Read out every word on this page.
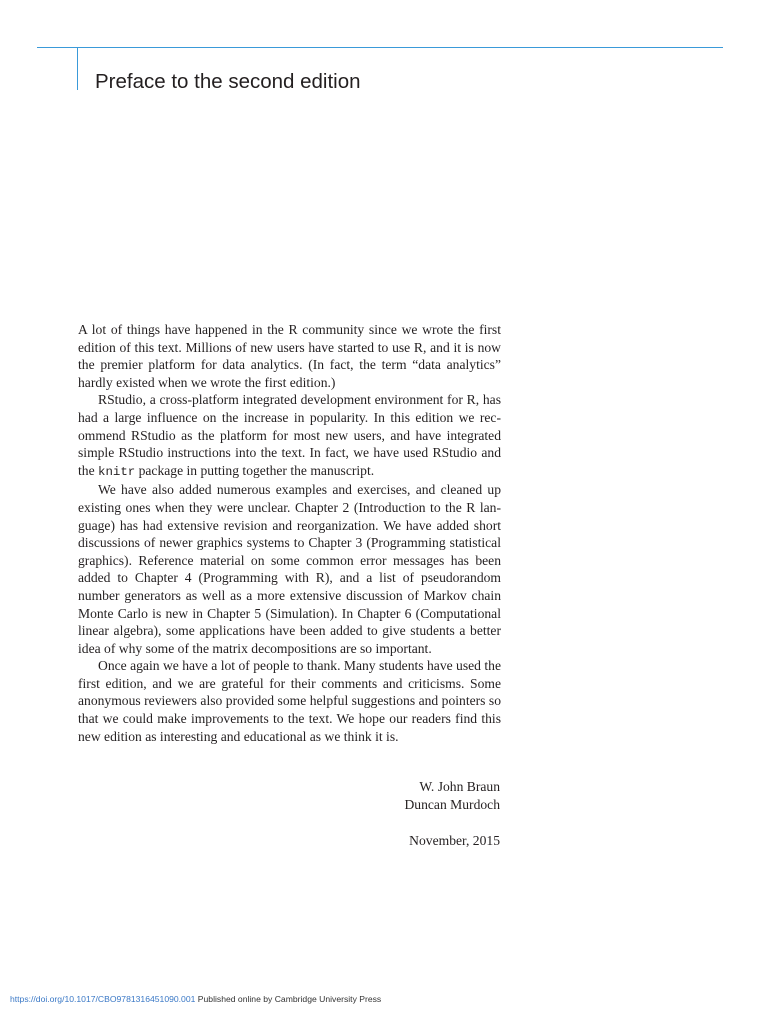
Preface to the second edition

A lot of things have happened in the R community since we wrote the first edition of this text. Millions of new users have started to use R, and it is now the premier platform for data analytics. (In fact, the term “data analytics” hardly existed when we wrote the first edition.)

RStudio, a cross-platform integrated development environment for R, has had a large influence on the increase in popularity. In this edition we recommend RStudio as the platform for most new users, and have integrated simple RStudio instructions into the text. In fact, we have used RStudio and the knitr package in putting together the manuscript.

We have also added numerous examples and exercises, and cleaned up existing ones when they were unclear. Chapter 2 (Introduction to the R language) has had extensive revision and reorganization. We have added short discussions of newer graphics systems to Chapter 3 (Programming statistical graphics). Reference material on some common error messages has been added to Chapter 4 (Programming with R), and a list of pseudorandom number generators as well as a more extensive discussion of Markov chain Monte Carlo is new in Chapter 5 (Simulation). In Chapter 6 (Computational linear algebra), some applications have been added to give students a better idea of why some of the matrix decompositions are so important.

Once again we have a lot of people to thank. Many students have used the first edition, and we are grateful for their comments and criticisms. Some anonymous reviewers also provided some helpful suggestions and pointers so that we could make improvements to the text. We hope our readers find this new edition as interesting and educational as we think it is.

W. John Braun
Duncan Murdoch
November, 2015
https://doi.org/10.1017/CBO9781316451090.001 Published online by Cambridge University Press
